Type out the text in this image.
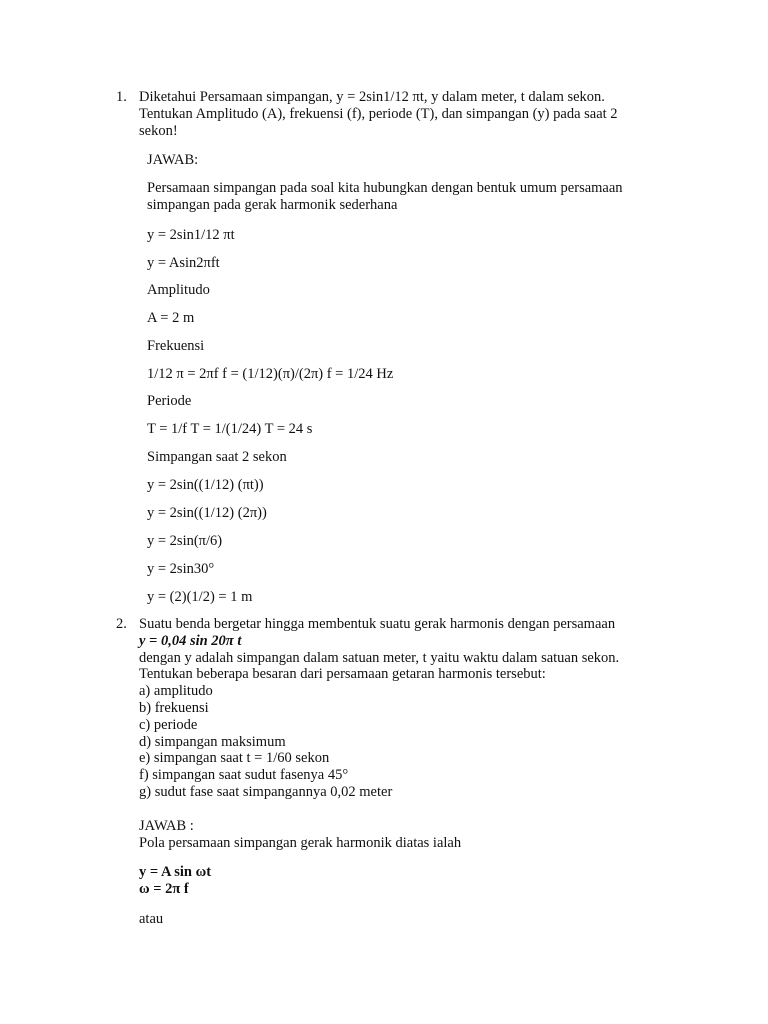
1. Diketahui Persamaan simpangan, y = 2sin1/12 πt, y dalam meter, t dalam sekon.
Tentukan Amplitudo (A), frekuensi (f), periode (T), dan simpangan (y) pada saat 2
sekon!
JAWAB:
Persamaan simpangan pada soal kita hubungkan dengan bentuk umum persamaan
simpangan pada gerak harmonik sederhana
y = 2sin1/12 πt
y = Asin2πft
Amplitudo
A = 2 m
Frekuensi
1/12 π = 2πf f = (1/12)(π)/(2π) f = 1/24 Hz
Periode
T = 1/f T = 1/(1/24) T = 24 s
Simpangan saat 2 sekon
y = 2sin((1/12) (πt))
y = 2sin((1/12) (2π))
y = 2sin(π/6)
y = 2sin30°
y = (2)(1/2) = 1 m
2. Suatu benda bergetar hingga membentuk suatu gerak harmonis dengan persamaan
y = 0,04 sin 20π t
dengan y adalah simpangan dalam satuan meter, t yaitu waktu dalam satuan sekon.
Tentukan beberapa besaran dari persamaan getaran harmonis tersebut:
a) amplitudo
b) frekuensi
c) periode
d) simpangan maksimum
e) simpangan saat t = 1/60 sekon
f) simpangan saat sudut fasenya 45°
g) sudut fase saat simpangannya 0,02 meter
JAWAB :
Pola persamaan simpangan gerak harmonik diatas ialah
y = A sin ωt
ω = 2π f
atau
